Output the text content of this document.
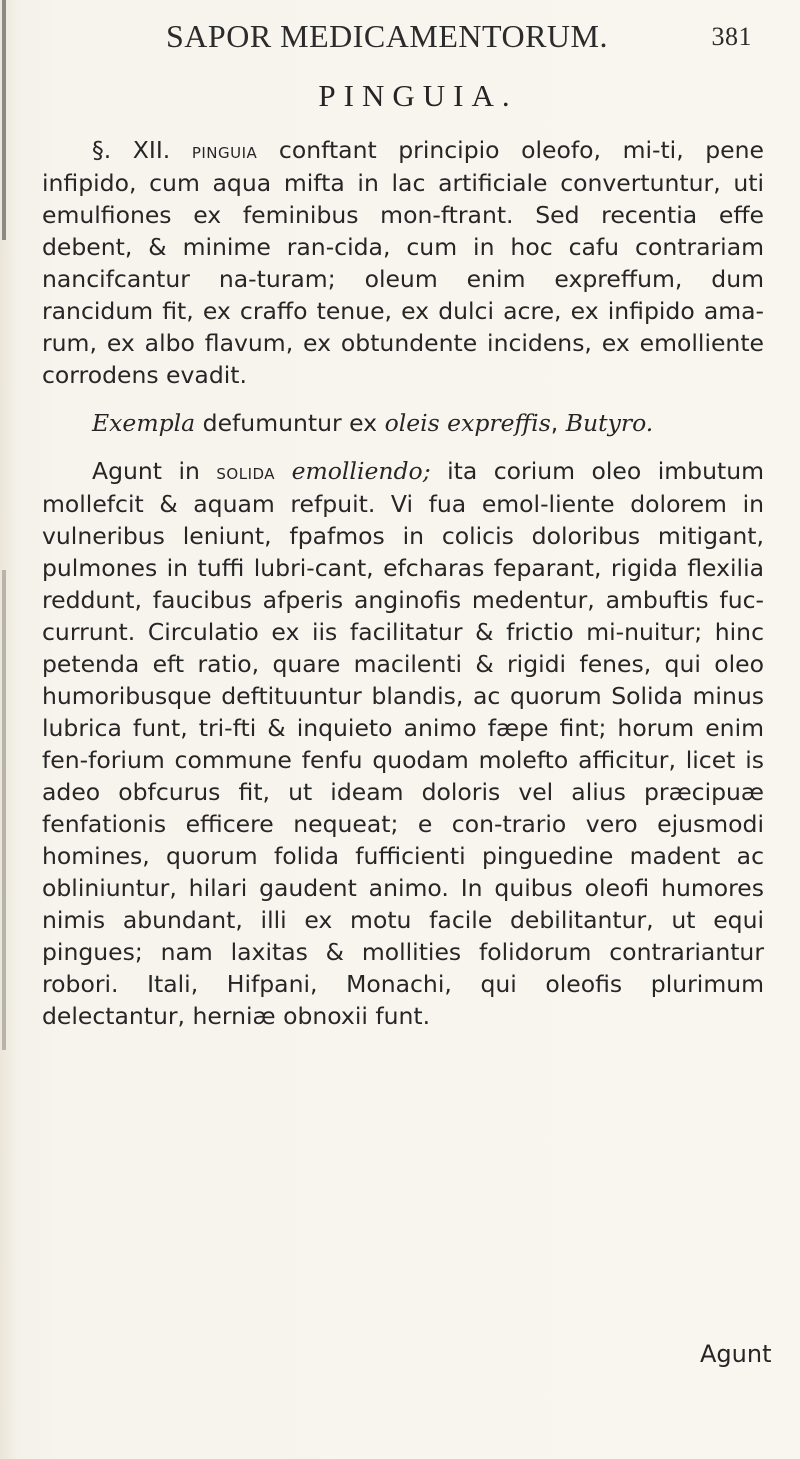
SAPOR MEDICAMENTORUM.	381
PINGUIA.

§. XII. pinguia conftant principio oleofo, mi-ti, pene infipido, cum aqua mifta in lac artificiale convertuntur, uti emulfiones ex feminibus mon-ftrant. Sed recentia effe debent, & minime ran-cida, cum in hoc cafu contrariam nancifcantur na-turam; oleum enim expreffum, dum rancidum fit, ex craffo tenue, ex dulci acre, ex infipido ama-rum, ex albo flavum, ex obtundente incidens, ex emolliente corrodens evadit.

Exempla defumuntur ex oleis expreffis, Butyro.

Agunt in solida emolliendo; ita corium oleo imbutum mollefcit & aquam refpuit. Vi fua emol-liente dolorem in vulneribus leniunt, fpafmos in colicis doloribus mitigant, pulmones in tuffi lubri-cant, efcharas feparant, rigida flexilia reddunt, faucibus afperis anginofis medentur, ambuftis fuc-currunt. Circulatio ex iis facilitatur & frictio mi-nuitur; hinc petenda eft ratio, quare macilenti & rigidi fenes, qui oleo humoribusque deftituuntur blandis, ac quorum Solida minus lubrica funt, tri-fti & inquieto animo fæpe fint; horum enim fen-forium commune fenfu quodam molefto afficitur, licet is adeo obfcurus fit, ut ideam doloris vel alius præcipuæ fenfationis efficere nequeat; e con-trario vero ejusmodi homines, quorum folida fufficienti pinguedine madent ac obliniuntur, hilari gaudent animo. In quibus oleofi humores nimis abundant, illi ex motu facile debilitantur, ut equi pingues; nam laxitas & mollities folidorum contrariantur robori. Itali, Hifpani, Monachi, qui oleofis plurimum delectantur, herniæ obnoxii funt.

Agunt
